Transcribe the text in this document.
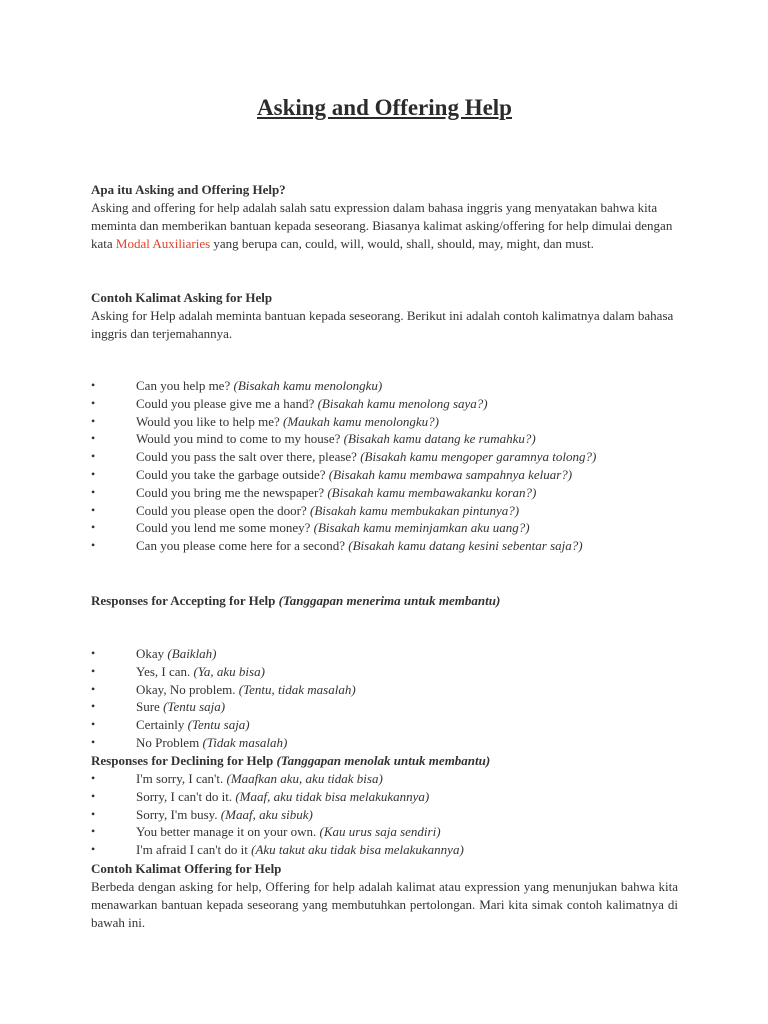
Asking and Offering Help

Apa itu Asking and Offering Help?

Asking and offering for help adalah salah satu expression dalam bahasa inggris yang menyatakan bahwa kita meminta dan memberikan bantuan kepada seseorang. Biasanya kalimat asking/offering for help dimulai dengan kata Modal Auxiliaries yang berupa can, could, will, would, shall, should, may, might, dan must.

Contoh Kalimat Asking for Help

Asking for Help adalah meminta bantuan kepada seseorang. Berikut ini adalah contoh kalimatnya dalam bahasa inggris dan terjemahannya.

•	Can you help me? (Bisakah kamu menolongku)
•	Could you please give me a hand? (Bisakah kamu menolong saya?)
•	Would you like to help me? (Maukah kamu menolongku?)
•	Would you mind to come to my house? (Bisakah kamu datang ke rumahku?)
•	Could you pass the salt over there, please? (Bisakah kamu mengoper garamnya tolong?)
•	Could you take the garbage outside? (Bisakah kamu membawa sampahnya keluar?)
•	Could you bring me the newspaper? (Bisakah kamu membawakanku koran?)
•	Could you please open the door? (Bisakah kamu membukakan pintunya?)
•	Could you lend me some money? (Bisakah kamu meminjamkan aku uang?)
•	Can you please come here for a second? (Bisakah kamu datang kesini sebentar saja?)

Responses for Accepting for Help (Tanggapan menerima untuk membantu)

•	Okay (Baiklah)
•	Yes, I can. (Ya, aku bisa)
•	Okay, No problem. (Tentu, tidak masalah)
•	Sure (Tentu saja)
•	Certainly (Tentu saja)
•	No Problem (Tidak masalah)

Responses for Declining for Help (Tanggapan menolak untuk membantu)

•	I'm sorry, I can't. (Maafkan aku, aku tidak bisa)
•	Sorry, I can't do it. (Maaf, aku tidak bisa melakukannya)
•	Sorry, I'm busy. (Maaf, aku sibuk)
•	You better manage it on your own. (Kau urus saja sendiri)
•	I'm afraid I can't do it (Aku takut aku tidak bisa melakukannya)

Contoh Kalimat Offering for Help

Berbeda dengan asking for help, Offering for help adalah kalimat atau expression yang menunjukan bahwa kita menawarkan bantuan kepada seseorang yang membutuhkan pertolongan. Mari kita simak contoh kalimatnya di bawah ini.
